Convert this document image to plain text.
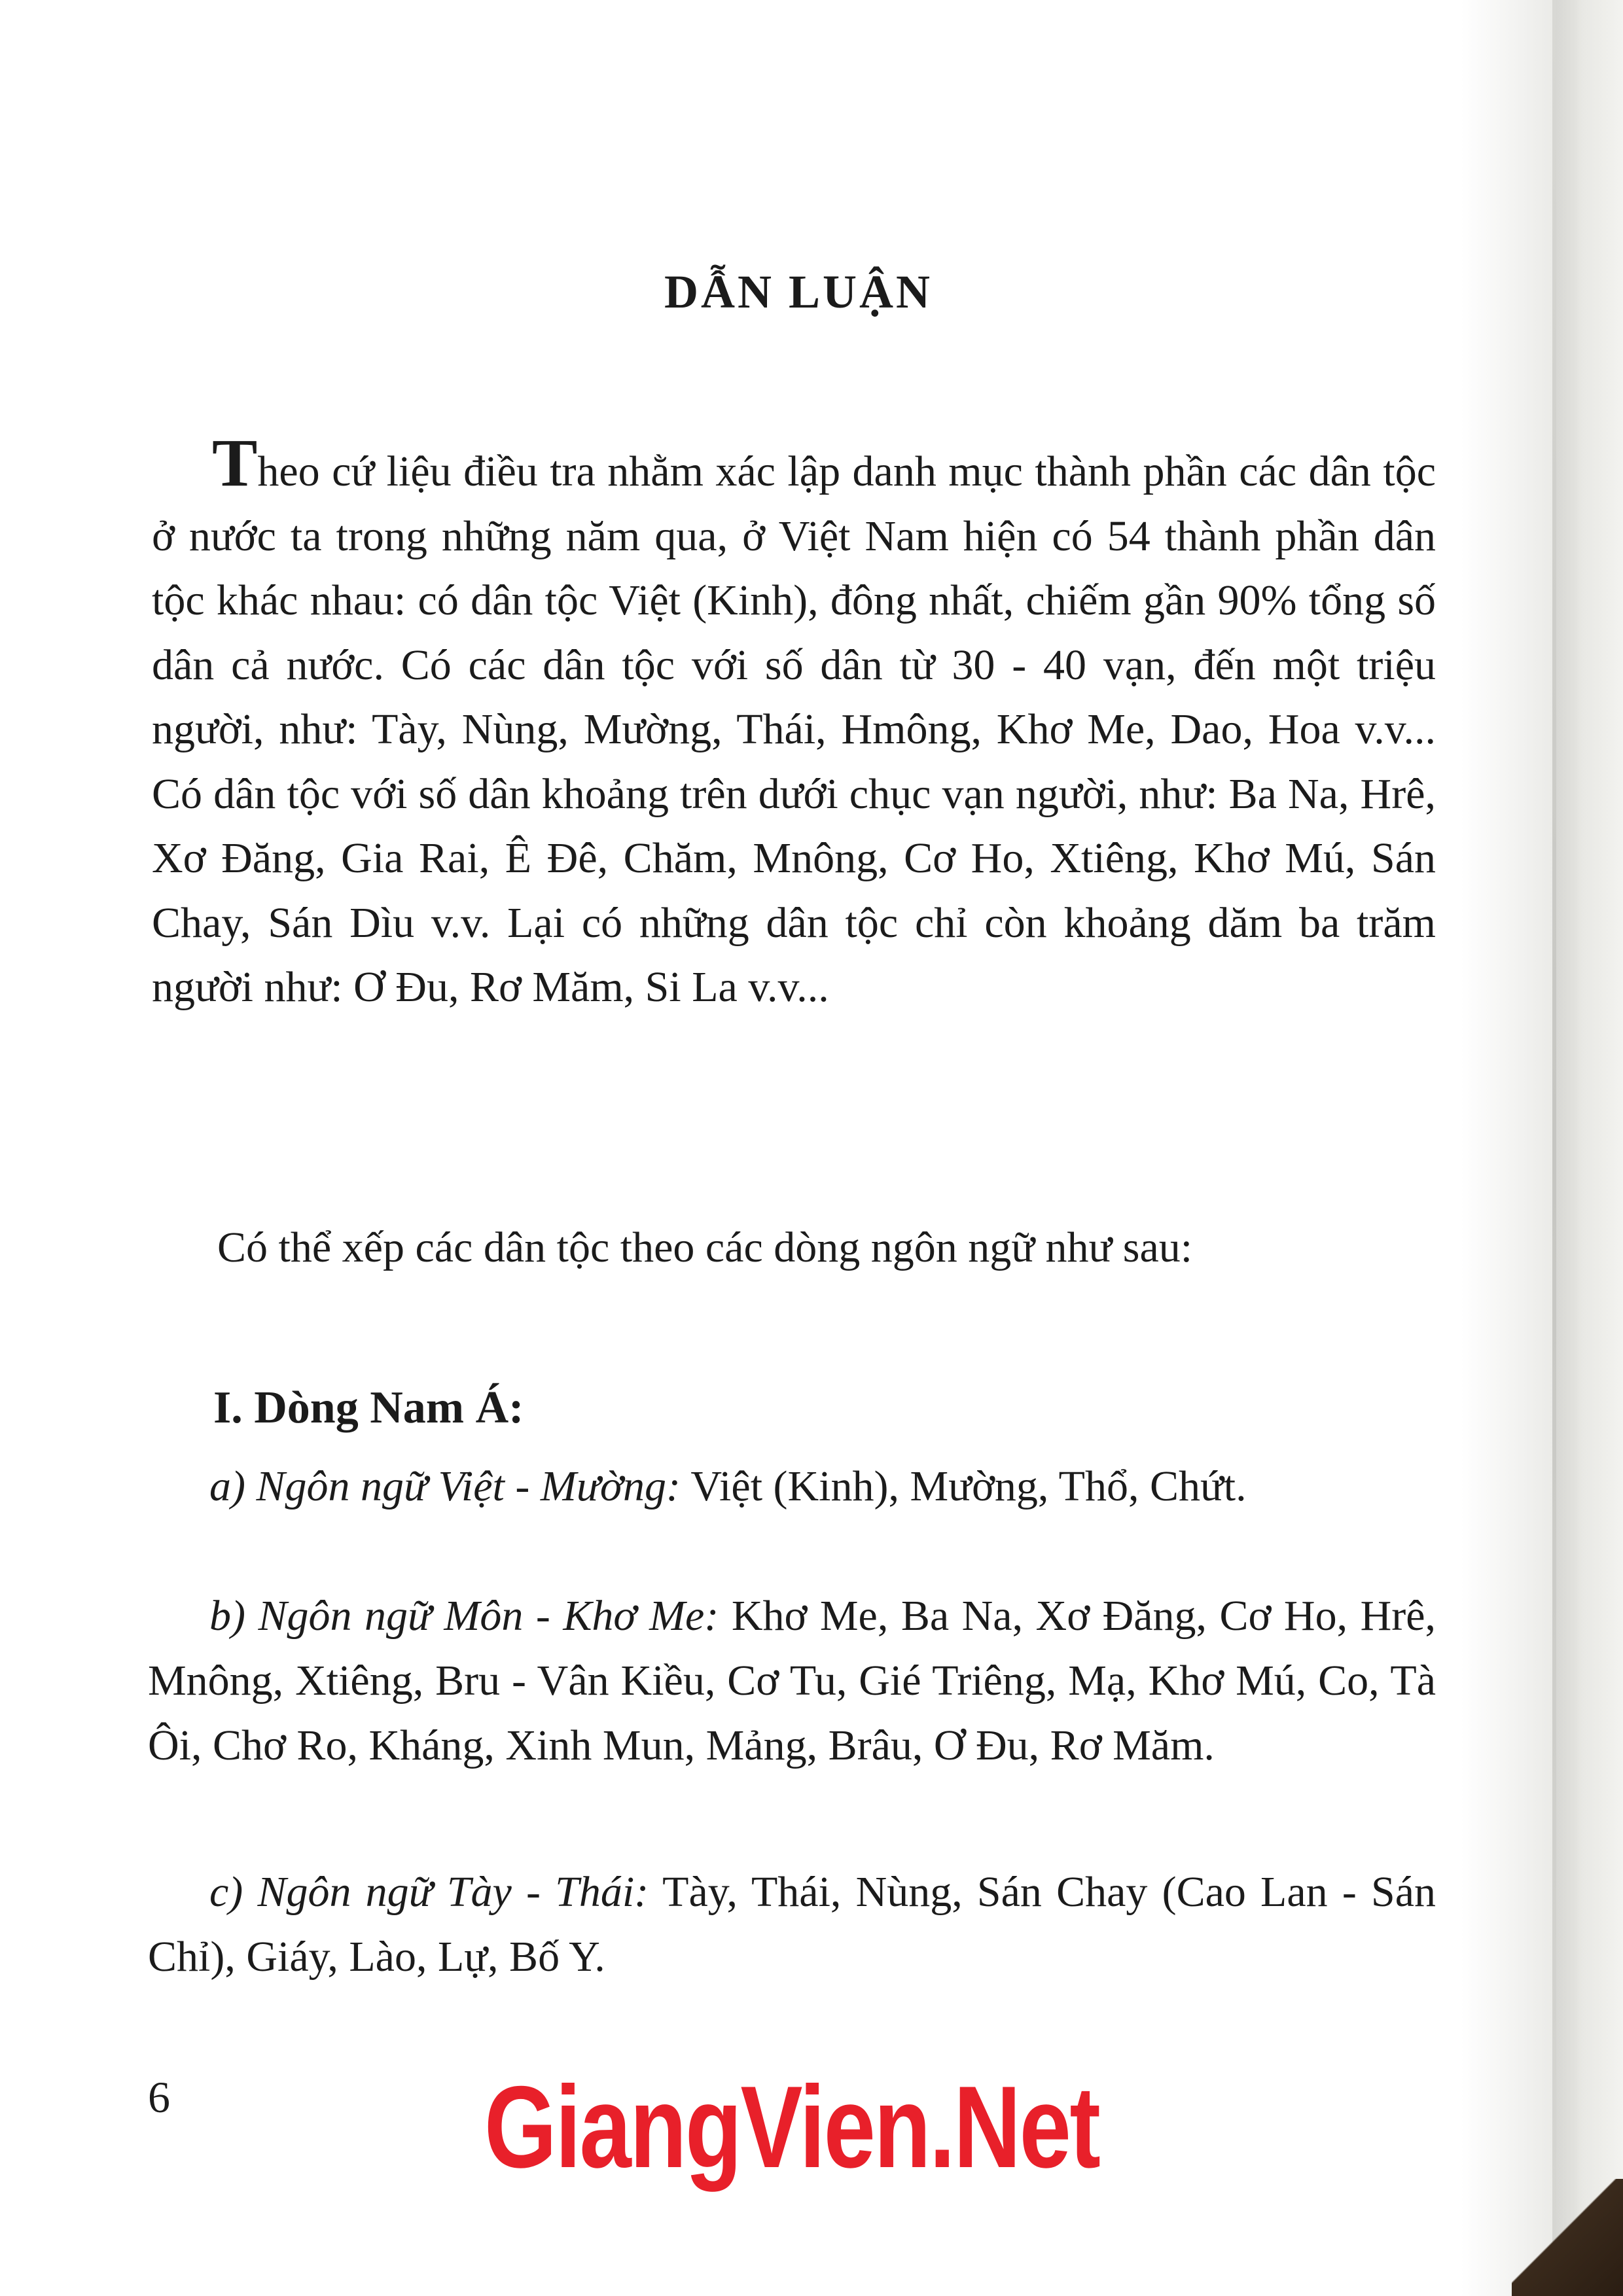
DẪN LUẬN
Theo cứ liệu điều tra nhằm xác lập danh mục thành phần các dân tộc ở nước ta trong những năm qua, ở Việt Nam hiện có 54 thành phần dân tộc khác nhau: có dân tộc Việt (Kinh), đông nhất, chiếm gần 90% tổng số dân cả nước. Có các dân tộc với số dân từ 30 - 40 vạn, đến một triệu người, như: Tày, Nùng, Mường, Thái, Hmông, Khơ Me, Dao, Hoa v.v... Có dân tộc với số dân khoảng trên dưới chục vạn người, như: Ba Na, Hrê, Xơ Đăng, Gia Rai, Ê Đê, Chăm, Mnông, Cơ Ho, Xtiêng, Khơ Mú, Sán Chay, Sán Dìu v.v. Lại có những dân tộc chỉ còn khoảng dăm ba trăm người như: Ơ Đu, Rơ Măm, Si La v.v...
Có thể xếp các dân tộc theo các dòng ngôn ngữ như sau:
I. Dòng Nam Á:
a) Ngôn ngữ Việt - Mường: Việt (Kinh), Mường, Thổ, Chứt.
b) Ngôn ngữ Môn - Khơ Me: Khơ Me, Ba Na, Xơ Đăng, Cơ Ho, Hrê, Mnông, Xtiêng, Bru - Vân Kiều, Cơ Tu, Gié Triêng, Mạ, Khơ Mú, Co, Tà Ôi, Chơ Ro, Kháng, Xinh Mun, Mảng, Brâu, Ơ Đu, Rơ Măm.
c) Ngôn ngữ Tày - Thái: Tày, Thái, Nùng, Sán Chay (Cao Lan - Sán Chỉ), Giáy, Lào, Lự, Bố Y.
6	GiangVien.Net
